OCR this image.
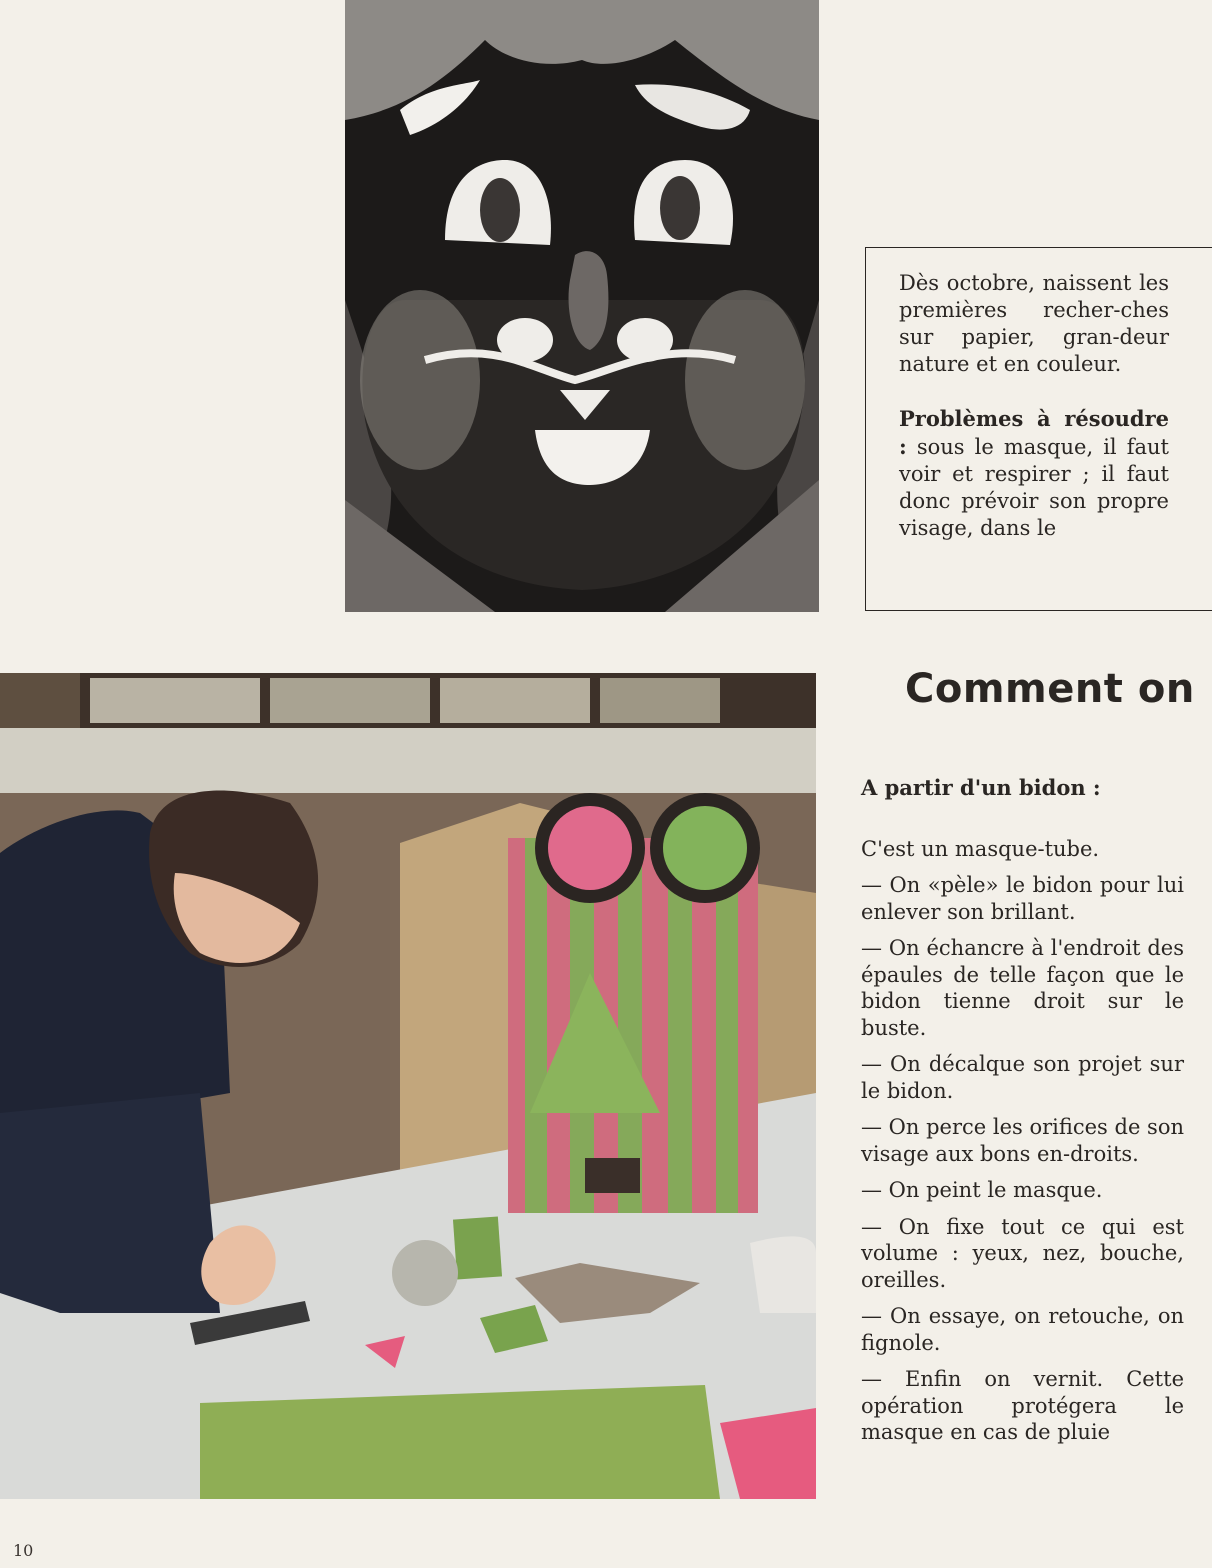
Dès octobre, naissent les premières recher-ches sur papier, gran-deur nature et en couleur.

Problèmes à résoudre : sous le masque, il faut voir et respirer ; il faut donc prévoir son propre visage, dans le

Comment on

A partir d'un bidon :

C'est un masque-tube.

— On «pèle» le bidon pour lui enlever son brillant.

— On échancre à l'endroit des épaules de telle façon que le bidon tienne droit sur le buste.

— On décalque son projet sur le bidon.

— On perce les orifices de son visage aux bons en-droits.

— On peint le masque.

— On fixe tout ce qui est volume : yeux, nez, bouche, oreilles.

— On essaye, on retouche, on fignole.

— Enfin on vernit. Cette opération protégera le masque en cas de pluie

10
